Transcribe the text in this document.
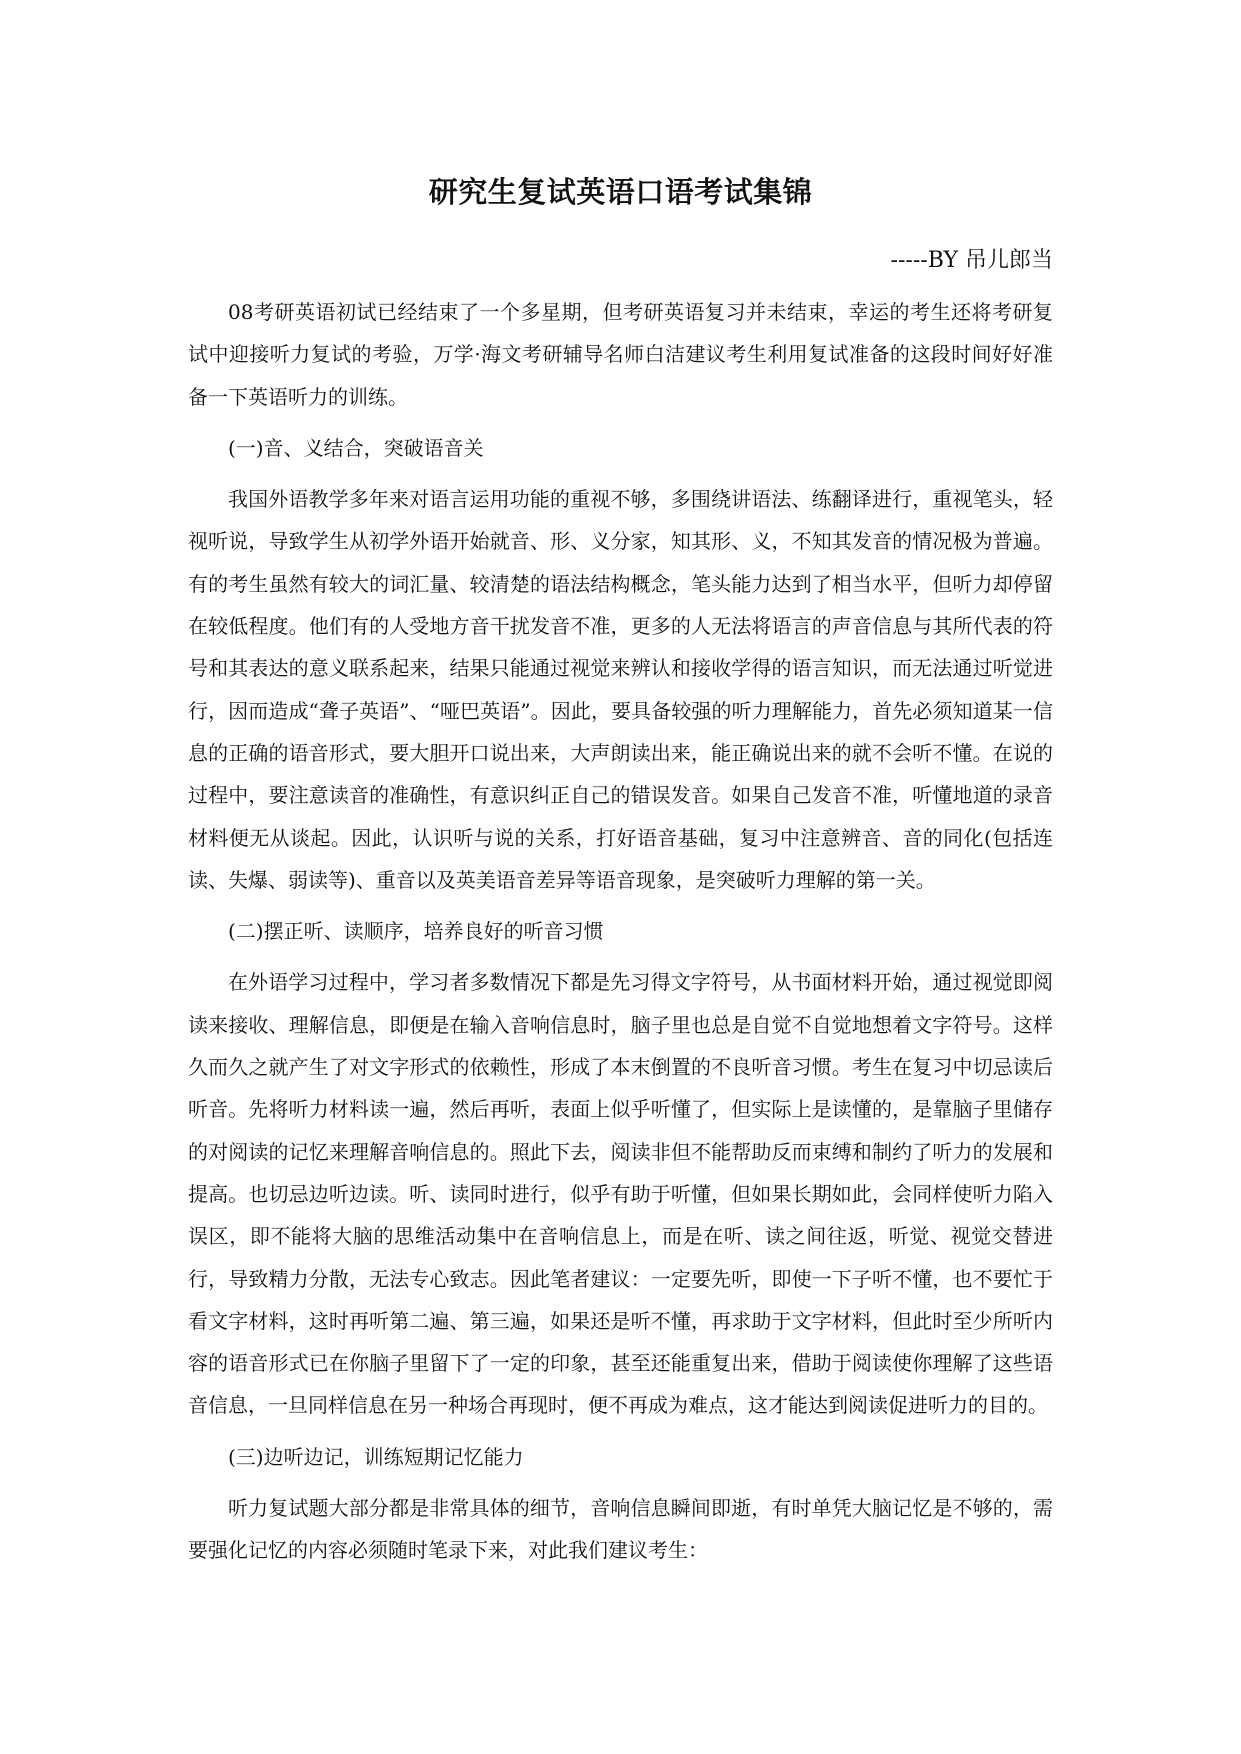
研究生复试英语口语考试集锦
-----BY 吊儿郎当

08考研英语初试已经结束了一个多星期，但考研英语复习并未结束，幸运的考生还将考研复试中迎接听力复试的考验，万学·海文考研辅导名师白洁建议考生利用复试准备的这段时间好好准备一下英语听力的训练。

(一)音、义结合，突破语音关

我国外语教学多年来对语言运用功能的重视不够，多围绕讲语法、练翻译进行，重视笔头，轻视听说，导致学生从初学外语开始就音、形、义分家，知其形、义，不知其发音的情况极为普遍。有的考生虽然有较大的词汇量、较清楚的语法结构概念，笔头能力达到了相当水平，但听力却停留在较低程度。他们有的人受地方音干扰发音不准，更多的人无法将语言的声音信息与其所代表的符号和其表达的意义联系起来，结果只能通过视觉来辨认和接收学得的语言知识，而无法通过听觉进行，因而造成“聋子英语”、“哑巴英语”。因此，要具备较强的听力理解能力，首先必须知道某一信息的正确的语音形式，要大胆开口说出来，大声朗读出来，能正确说出来的就不会听不懂。在说的过程中，要注意读音的准确性，有意识纠正自己的错误发音。如果自己发音不准，听懂地道的录音材料便无从谈起。因此，认识听与说的关系，打好语音基础，复习中注意辨音、音的同化(包括连读、失爆、弱读等)、重音以及英美语音差异等语音现象，是突破听力理解的第一关。

(二)摆正听、读顺序，培养良好的听音习惯

在外语学习过程中，学习者多数情况下都是先习得文字符号，从书面材料开始，通过视觉即阅读来接收、理解信息，即便是在输入音响信息时，脑子里也总是自觉不自觉地想着文字符号。这样久而久之就产生了对文字形式的依赖性，形成了本末倒置的不良听音习惯。考生在复习中切忌读后听音。先将听力材料读一遍，然后再听，表面上似乎听懂了，但实际上是读懂的，是靠脑子里储存的对阅读的记忆来理解音响信息的。照此下去，阅读非但不能帮助反而束缚和制约了听力的发展和提高。也切忌边听边读。听、读同时进行，似乎有助于听懂，但如果长期如此，会同样使听力陷入误区，即不能将大脑的思维活动集中在音响信息上，而是在听、读之间往返，听觉、视觉交替进行，导致精力分散，无法专心致志。因此笔者建议：一定要先听，即使一下子听不懂，也不要忙于看文字材料，这时再听第二遍、第三遍，如果还是听不懂，再求助于文字材料，但此时至少所听内容的语音形式已在你脑子里留下了一定的印象，甚至还能重复出来，借助于阅读使你理解了这些语音信息，一旦同样信息在另一种场合再现时，便不再成为难点，这才能达到阅读促进听力的目的。

(三)边听边记，训练短期记忆能力

听力复试题大部分都是非常具体的细节，音响信息瞬间即逝，有时单凭大脑记忆是不够的，需要强化记忆的内容必须随时笔录下来，对此我们建议考生：
